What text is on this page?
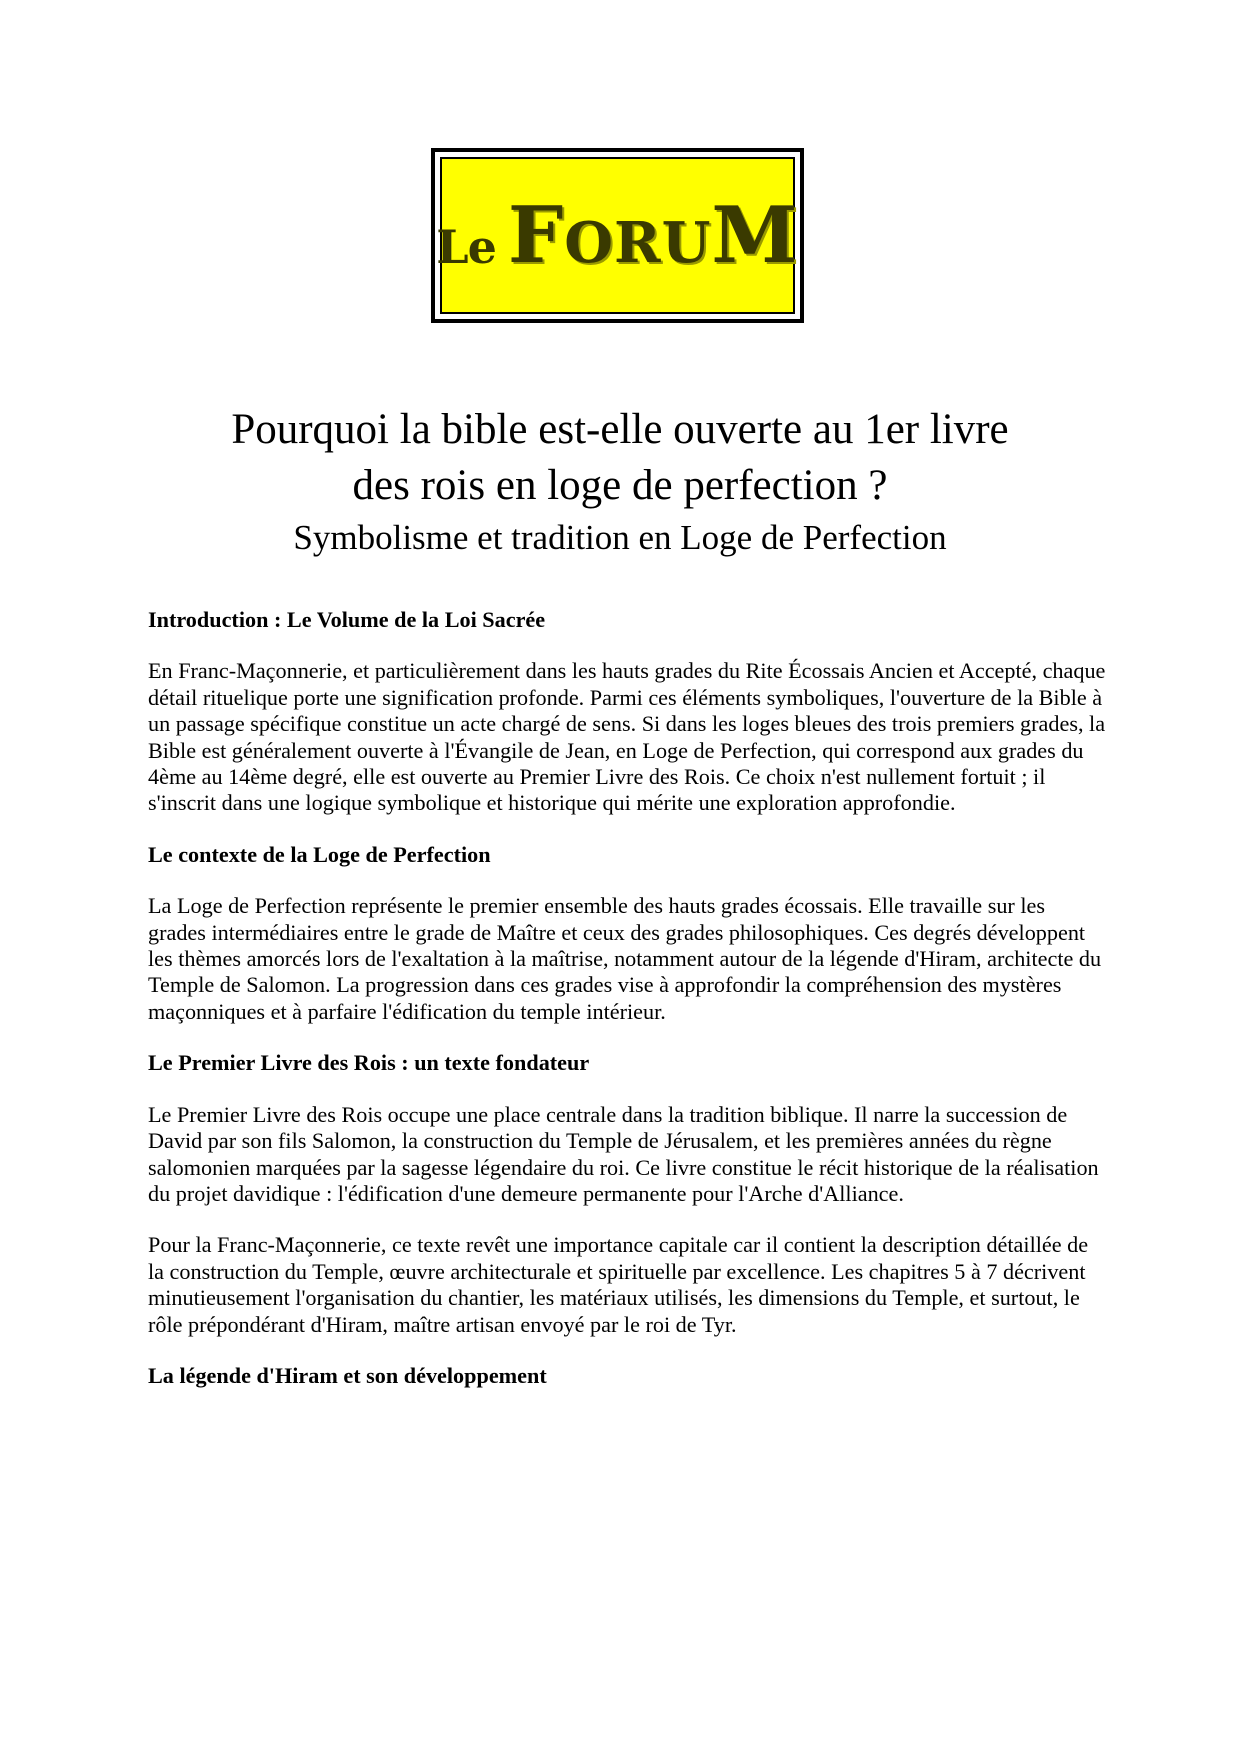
Le FORUM

Pourquoi la bible est-elle ouverte au 1er livre

des rois en loge de perfection ?

Symbolisme et tradition en Loge de Perfection

Introduction : Le Volume de la Loi Sacrée

En Franc-Maçonnerie, et particulièrement dans les hauts grades du Rite Écossais Ancien et Accepté, chaque détail rituelique porte une signification profonde. Parmi ces éléments symboliques, l'ouverture de la Bible à un passage spécifique constitue un acte chargé de sens. Si dans les loges bleues des trois premiers grades, la Bible est généralement ouverte à l'Évangile de Jean, en Loge de Perfection, qui correspond aux grades du 4ème au 14ème degré, elle est ouverte au Premier Livre des Rois. Ce choix n'est nullement fortuit ; il s'inscrit dans une logique symbolique et historique qui mérite une exploration approfondie.

Le contexte de la Loge de Perfection

La Loge de Perfection représente le premier ensemble des hauts grades écossais. Elle travaille sur les grades intermédiaires entre le grade de Maître et ceux des grades philosophiques. Ces degrés développent les thèmes amorcés lors de l'exaltation à la maîtrise, notamment autour de la légende d'Hiram, architecte du Temple de Salomon. La progression dans ces grades vise à approfondir la compréhension des mystères maçonniques et à parfaire l'édification du temple intérieur.

Le Premier Livre des Rois : un texte fondateur

Le Premier Livre des Rois occupe une place centrale dans la tradition biblique. Il narre la succession de David par son fils Salomon, la construction du Temple de Jérusalem, et les premières années du règne salomonien marquées par la sagesse légendaire du roi. Ce livre constitue le récit historique de la réalisation du projet davidique : l'édification d'une demeure permanente pour l'Arche d'Alliance.

Pour la Franc-Maçonnerie, ce texte revêt une importance capitale car il contient la description détaillée de la construction du Temple, œuvre architecturale et spirituelle par excellence. Les chapitres 5 à 7 décrivent minutieusement l'organisation du chantier, les matériaux utilisés, les dimensions du Temple, et surtout, le rôle prépondérant d'Hiram, maître artisan envoyé par le roi de Tyr.

La légende d'Hiram et son développement
